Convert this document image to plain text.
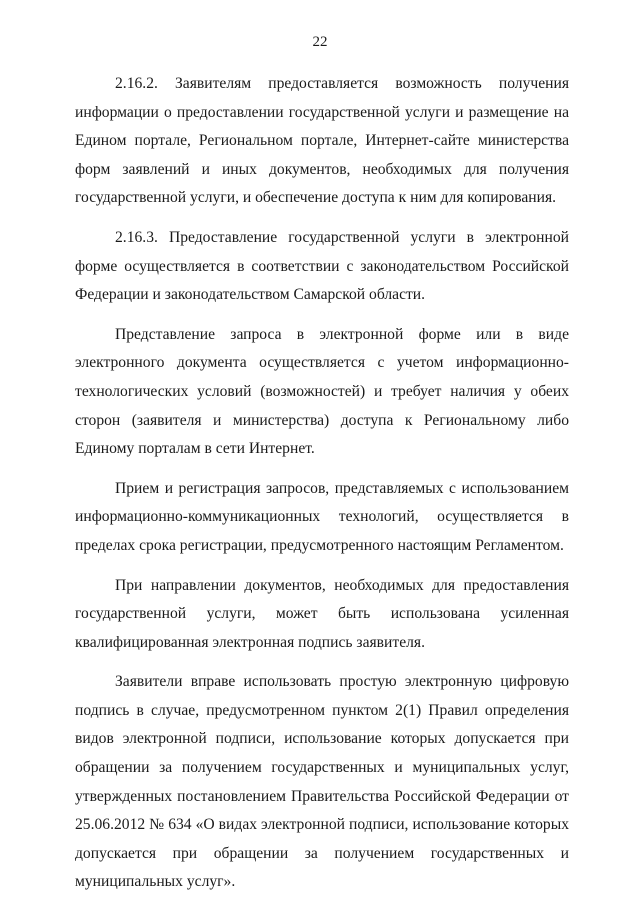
22

2.16.2. Заявителям предоставляется возможность получения информации о предоставлении государственной услуги и размещение на Едином портале, Региональном портале, Интернет-сайте министерства форм заявлений и иных документов, необходимых для получения государственной услуги, и обеспечение доступа к ним для копирования.

2.16.3. Предоставление государственной услуги в электронной форме осуществляется в соответствии с законодательством Российской Федерации и законодательством Самарской области.

Представление запроса в электронной форме или в виде электронного документа осуществляется с учетом информационно-технологических условий (возможностей) и требует наличия у обеих сторон (заявителя и министерства) доступа к Региональному либо Единому порталам в сети Интернет.

Прием и регистрация запросов, представляемых с использованием информационно-коммуникационных технологий, осуществляется в пределах срока регистрации, предусмотренного настоящим Регламентом.

При направлении документов, необходимых для предоставления государственной услуги, может быть использована усиленная квалифицированная электронная подпись заявителя.

Заявители вправе использовать простую электронную цифровую подпись в случае, предусмотренном пунктом 2(1) Правил определения видов электронной подписи, использование которых допускается при обращении за получением государственных и муниципальных услуг, утвержденных постановлением Правительства Российской Федерации от 25.06.2012 № 634 «О видах электронной подписи, использование которых допускается при обращении за получением государственных и муниципальных услуг».
